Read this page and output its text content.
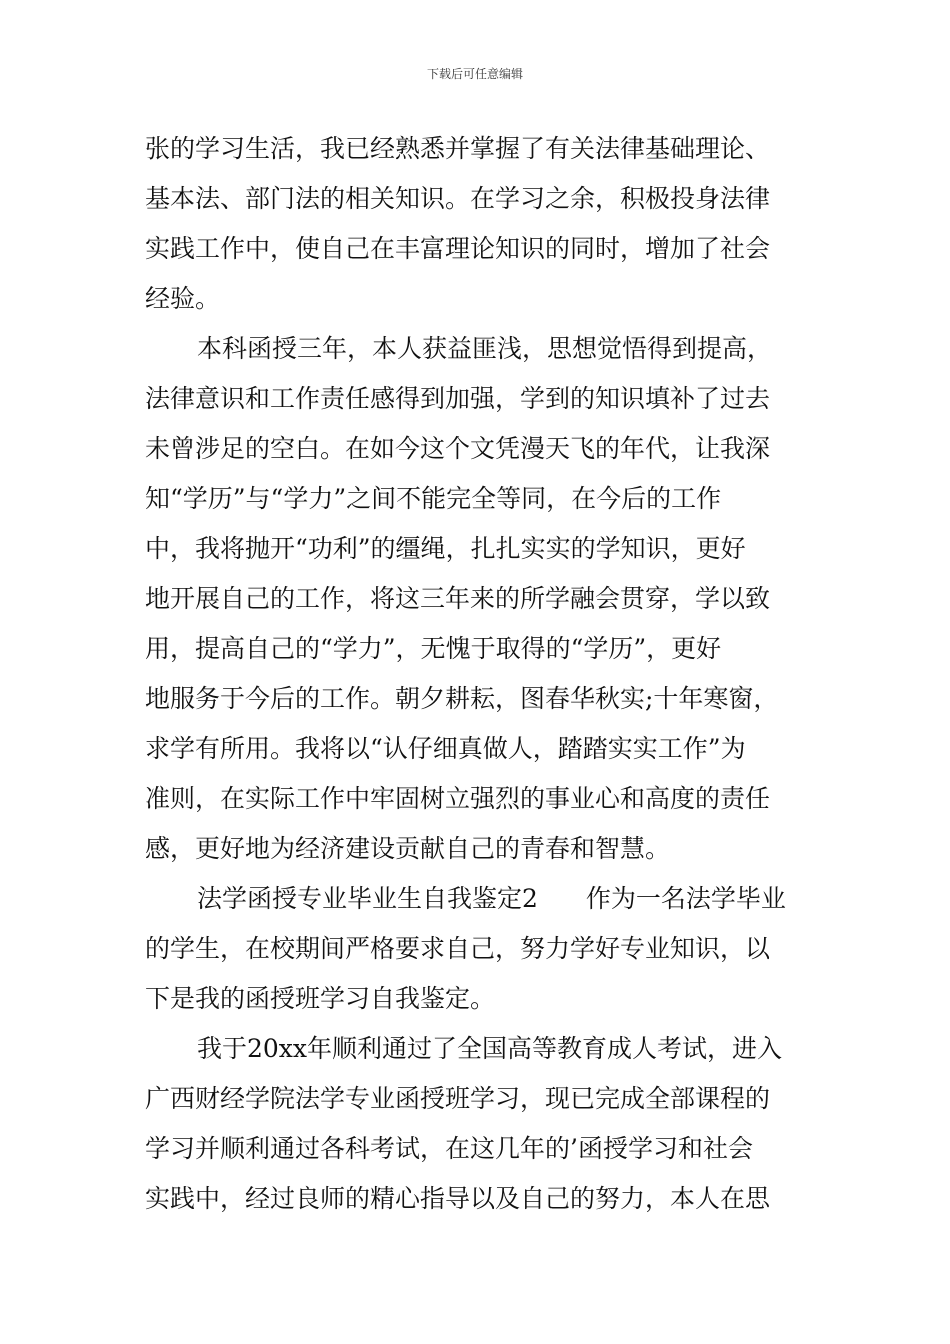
下载后可任意编辑
张的学习生活，我已经熟悉并掌握了有关法律基础理论、
基本法、部门法的相关知识。在学习之余，积极投身法律
实践工作中，使自己在丰富理论知识的同时，增加了社会
经验。
本科函授三年，本人获益匪浅，思想觉悟得到提高，
法律意识和工作责任感得到加强，学到的知识填补了过去
未曾涉足的空白。在如今这个文凭漫天飞的年代，让我深
知“学历”与“学力”之间不能完全等同，在今后的工作
中，我将抛开“功利”的缰绳，扎扎实实的学知识，更好
地开展自己的工作，将这三年来的所学融会贯穿，学以致
用，提高自己的“学力”，无愧于取得的“学历”，更好
地服务于今后的工作。朝夕耕耘，图春华秋实;十年寒窗，
求学有所用。我将以“认仔细真做人，踏踏实实工作”为
准则，在实际工作中牢固树立强烈的事业心和高度的责任
感，更好地为经济建设贡献自己的青春和智慧。
法学函授专业毕业生自我鉴定2 作为一名法学毕业
的学生，在校期间严格要求自己，努力学好专业知识，以
下是我的函授班学习自我鉴定。
我于20xx年顺利通过了全国高等教育成人考试，进入
广西财经学院法学专业函授班学习，现已完成全部课程的
学习并顺利通过各科考试，在这几年的’函授学习和社会
实践中，经过良师的精心指导以及自己的努力，本人在思
